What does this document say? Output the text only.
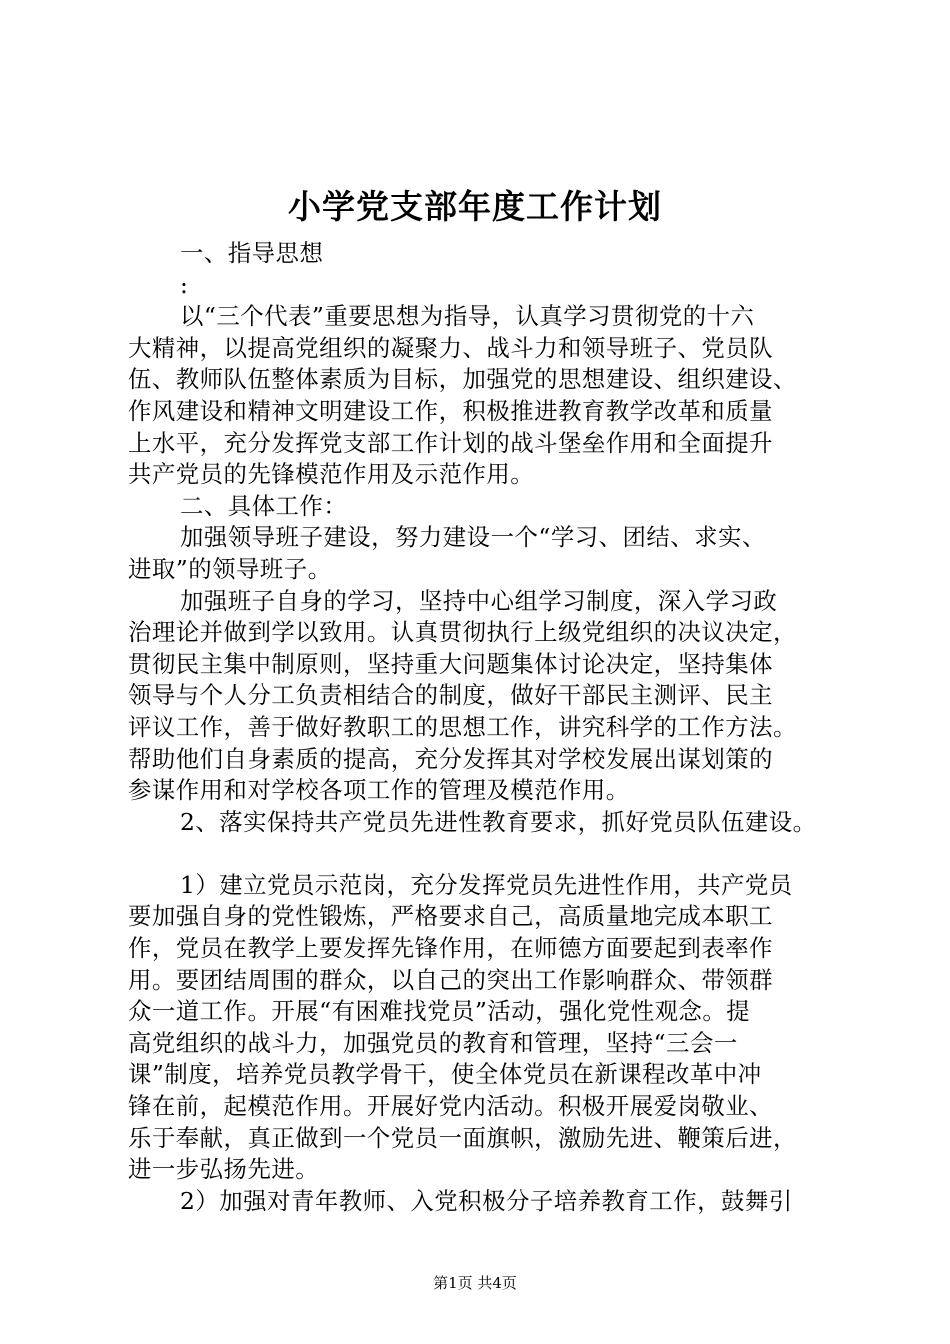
小学党支部年度工作计划
一、指导思想
:
以“三个代表”重要思想为指导，认真学习贯彻党的十六
大精神，以提高党组织的凝聚力、战斗力和领导班子、党员队
伍、教师队伍整体素质为目标，加强党的思想建设、组织建设、
作风建设和精神文明建设工作，积极推进教育教学改革和质量
上水平，充分发挥党支部工作计划的战斗堡垒作用和全面提升
共产党员的先锋模范作用及示范作用。
二、具体工作：
加强领导班子建设，努力建设一个“学习、团结、求实、
进取”的领导班子。
加强班子自身的学习，坚持中心组学习制度，深入学习政
治理论并做到学以致用。认真贯彻执行上级党组织的决议决定，
贯彻民主集中制原则，坚持重大问题集体讨论决定，坚持集体
领导与个人分工负责相结合的制度，做好干部民主测评、民主
评议工作，善于做好教职工的思想工作，讲究科学的工作方法。
帮助他们自身素质的提高，充分发挥其对学校发展出谋划策的
参谋作用和对学校各项工作的管理及模范作用。
2、落实保持共产党员先进性教育要求，抓好党员队伍建设。
1）建立党员示范岗，充分发挥党员先进性作用，共产党员
要加强自身的党性锻炼，严格要求自己，高质量地完成本职工
作，党员在教学上要发挥先锋作用，在师德方面要起到表率作
用。要团结周围的群众，以自己的突出工作影响群众、带领群
众一道工作。开展“有困难找党员”活动，强化党性观念。提
高党组织的战斗力，加强党员的教育和管理，坚持“三会一
课”制度，培养党员教学骨干，使全体党员在新课程改革中冲
锋在前，起模范作用。开展好党内活动。积极开展爱岗敬业、
乐于奉献，真正做到一个党员一面旗帜，激励先进、鞭策后进，
进一步弘扬先进。
2）加强对青年教师、入党积极分子培养教育工作，鼓舞引
第1页 共4页
